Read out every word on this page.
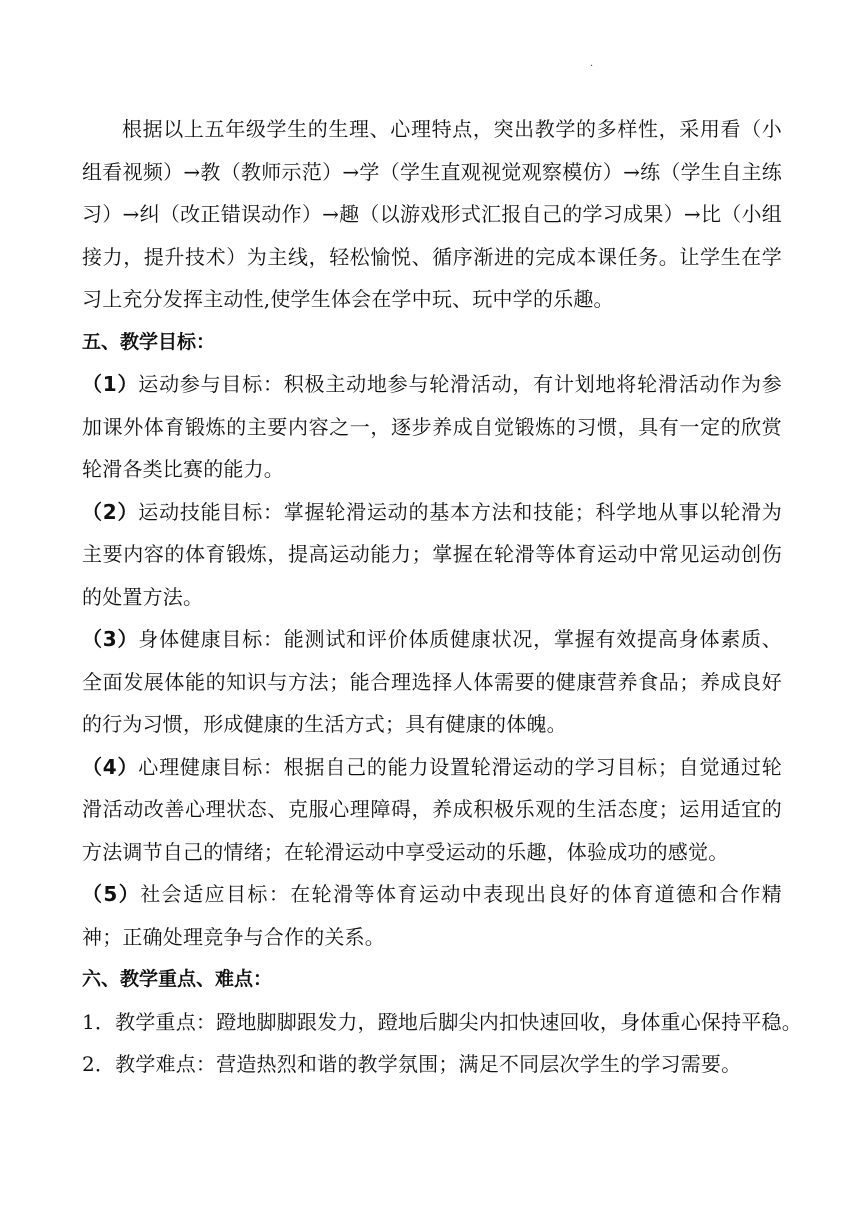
·

根据以上五年级学生的生理、心理特点，突出教学的多样性，采用看（小组看视频）→教（教师示范）→学（学生直观视觉观察模仿）→练（学生自主练习）→纠（改正错误动作）→趣（以游戏形式汇报自己的学习成果）→比（小组接力，提升技术）为主线，轻松愉悦、循序渐进的完成本课任务。让学生在学习上充分发挥主动性,使学生体会在学中玩、玩中学的乐趣。

五、教学目标：

（1）运动参与目标：积极主动地参与轮滑活动，有计划地将轮滑活动作为参加课外体育锻炼的主要内容之一，逐步养成自觉锻炼的习惯，具有一定的欣赏轮滑各类比赛的能力。

（2）运动技能目标：掌握轮滑运动的基本方法和技能；科学地从事以轮滑为主要内容的体育锻炼，提高运动能力；掌握在轮滑等体育运动中常见运动创伤的处置方法。

（3）身体健康目标：能测试和评价体质健康状况，掌握有效提高身体素质、全面发展体能的知识与方法；能合理选择人体需要的健康营养食品；养成良好的行为习惯，形成健康的生活方式；具有健康的体魄。

（4）心理健康目标：根据自己的能力设置轮滑运动的学习目标；自觉通过轮滑活动改善心理状态、克服心理障碍，养成积极乐观的生活态度；运用适宜的方法调节自己的情绪；在轮滑运动中享受运动的乐趣，体验成功的感觉。

（5）社会适应目标：在轮滑等体育运动中表现出良好的体育道德和合作精神；正确处理竞争与合作的关系。

六、教学重点、难点：

1．教学重点：蹬地脚脚跟发力，蹬地后脚尖内扣快速回收，身体重心保持平稳。

2．教学难点：营造热烈和谐的教学氛围；满足不同层次学生的学习需要。
